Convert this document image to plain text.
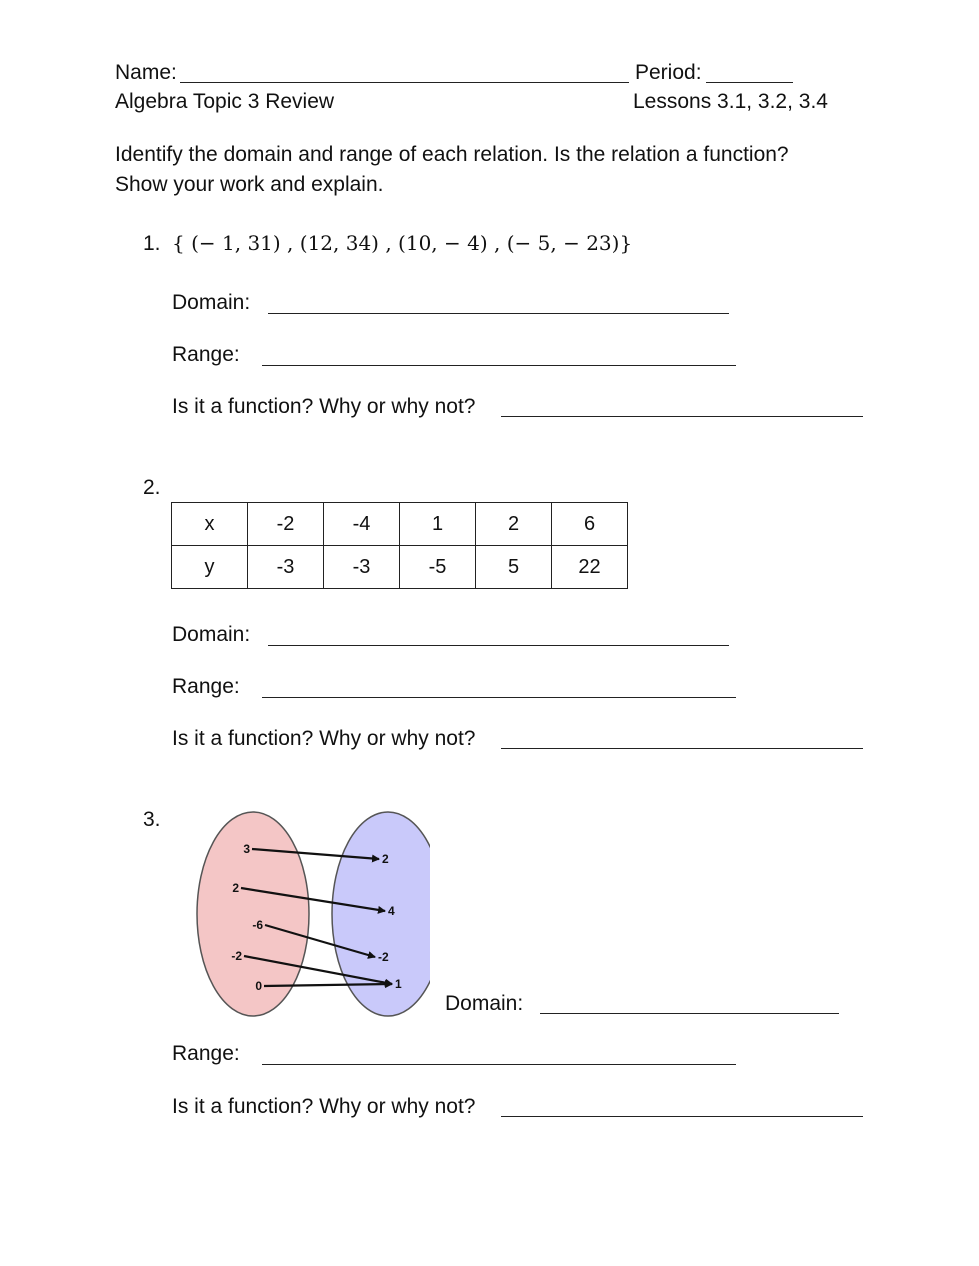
Name:	Period:
Algebra Topic 3 Review	Lessons 3.1, 3.2, 3.4
Identify the domain and range of each relation. Is the relation a function?
Show your work and explain.
1. { (− 1, 31) , (12, 34) , (10, − 4) , (− 5, − 23)}
Domain:
Range:
Is it a function? Why or why not?
2.
x	-2	-4	1	2	6
y	-3	-3	-5	5	22
Domain:
Range:
Is it a function? Why or why not?
3.
3
2
-6
-2
0
2
4
-2
1
Domain:
Range:
Is it a function? Why or why not?
